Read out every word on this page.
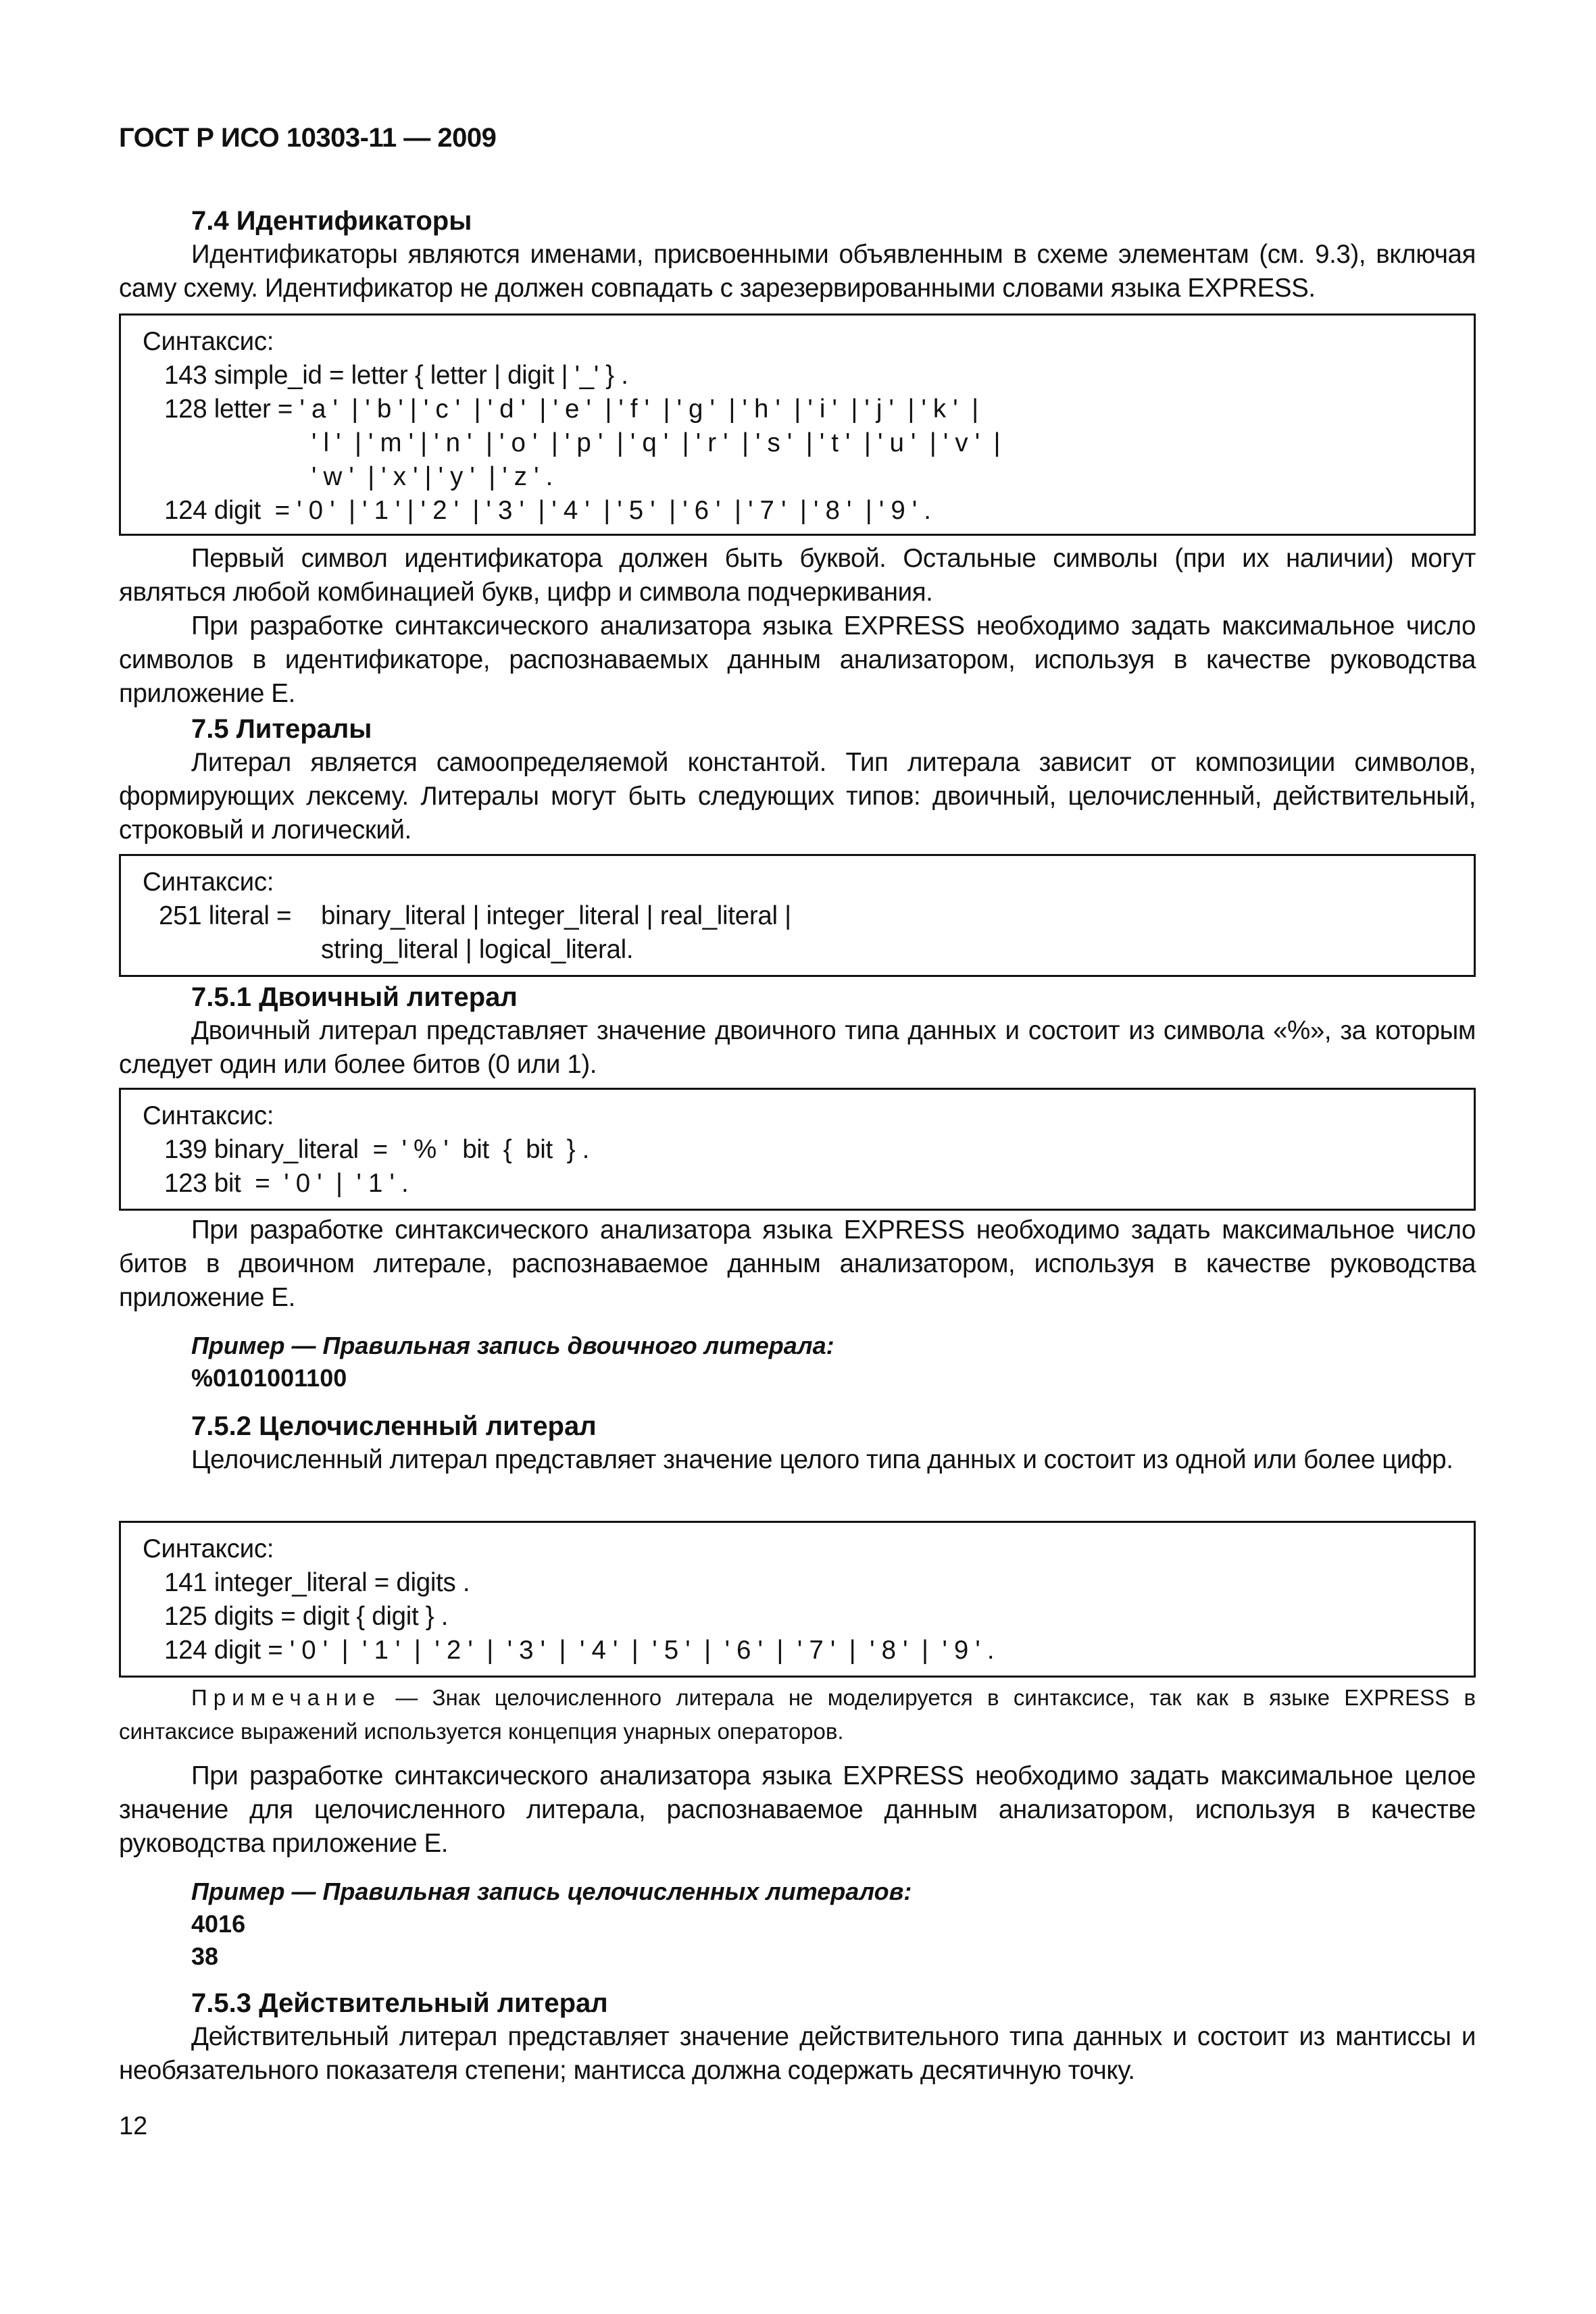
ГОСТ Р ИСО 10303-11 — 2009

7.4 Идентификаторы

Идентификаторы являются именами, присвоенными объявленным в схеме элементам (см. 9.3), включая саму схему. Идентификатор не должен совпадать с зарезервированными словами языка EXPRESS.

Синтаксис:
143 simple_id = letter { letter | digit | '_' } .
128 letter = ' a '  | ' b ' | ' c '  | ' d '  | ' e '  | ' f '  | ' g '  | ' h '  | ' i '  | ' j '  | ' k '  |
' l '  | ' m ' | ' n '  | ' o '  | ' p '  | ' q '  | ' r '  | ' s '  | ' t '  | ' u '  | ' v '  |
' w '  | ' x ' | ' y '  | ' z ' .
124 digit  = ' 0 '  | ' 1 ' | ' 2 '  | ' 3 '  | ' 4 '  | ' 5 '  | ' 6 '  | ' 7 '  | ' 8 '  | ' 9 ' .

Первый символ идентификатора должен быть буквой. Остальные символы (при их наличии) могут являться любой комбинацией букв, цифр и символа подчеркивания.

При разработке синтаксического анализатора языка EXPRESS необходимо задать максимальное число символов в идентификаторе, распознаваемых данным анализатором, используя в качестве руководства приложение Е.

7.5 Литералы

Литерал является самоопределяемой константой. Тип литерала зависит от композиции символов, формирующих лексему. Литералы могут быть следующих типов: двоичный, целочисленный, действительный, строковый и логический.

Синтаксис:
251 literal = binary_literal | integer_literal | real_literal |
string_literal | logical_literal.

7.5.1 Двоичный литерал

Двоичный литерал представляет значение двоичного типа данных и состоит из символа «%», за которым следует один или более битов (0 или 1).

Синтаксис:
139 binary_literal  =  ' % '  bit  {  bit  } .
123 bit  =  ' 0 '  |  ' 1 ' .

При разработке синтаксического анализатора языка EXPRESS необходимо задать максимальное число битов в двоичном литерале, распознаваемое данным анализатором, используя в качестве руководства приложение Е.

Пример — Правильная запись двоичного литерала:

%0101001100

7.5.2 Целочисленный литерал

Целочисленный литерал представляет значение целого типа данных и состоит из одной или более цифр.

Синтаксис:
141 integer_literal = digits .
125 digits = digit { digit } .
124 digit = ' 0 '  |  ' 1 '  |  ' 2 '  |  ' 3 '  |  ' 4 '  |  ' 5 '  |  ' 6 '  |  ' 7 '  |  ' 8 '  |  ' 9 ' .

Примечание — Знак целочисленного литерала не моделируется в синтаксисе, так как в языке EXPRESS в синтаксисе выражений используется концепция унарных операторов.

При разработке синтаксического анализатора языка EXPRESS необходимо задать максимальное целое значение для целочисленного литерала, распознаваемое данным анализатором, используя в качестве руководства приложение Е.

Пример — Правильная запись целочисленных литералов:

4016

38

7.5.3 Действительный литерал

Действительный литерал представляет значение действительного типа данных и состоит из мантиссы и необязательного показателя степени; мантисса должна содержать десятичную точку.

12
